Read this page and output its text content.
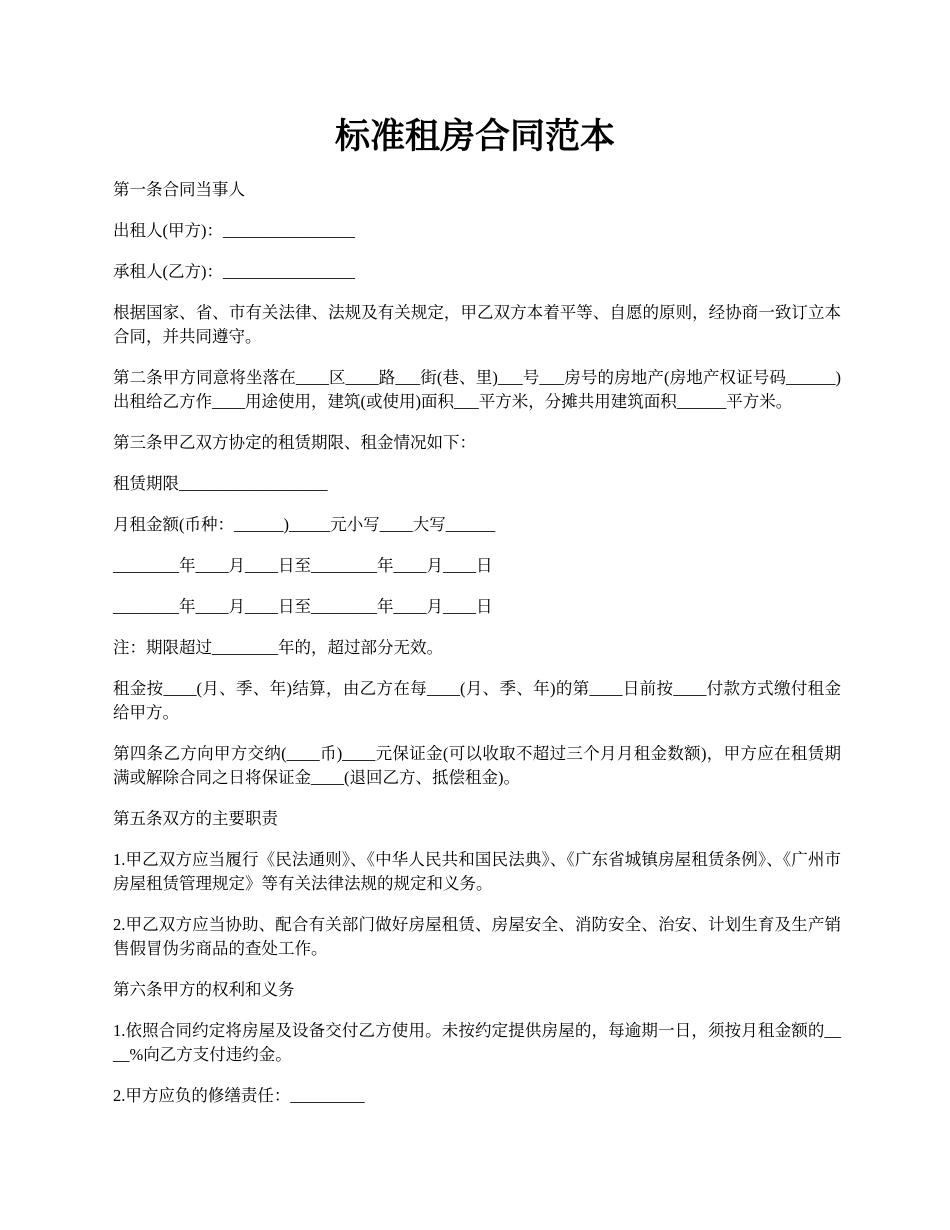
标准租房合同范本

第一条合同当事人

出租人(甲方)：________________

承租人(乙方)：________________

根据国家、省、市有关法律、法规及有关规定，甲乙双方本着平等、自愿的原则，经协商一致订立本合同，并共同遵守。

第二条甲方同意将坐落在____区____路___街(巷、里)___号___房号的房地产(房地产权证号码______) 出租给乙方作____用途使用，建筑(或使用)面积___平方米，分摊共用建筑面积______平方米。

第三条甲乙双方协定的租赁期限、租金情况如下：

租赁期限__________________

月租金额(币种：______)_____元小写____大写______

________年____月____日至________年____月____日

________年____月____日至________年____月____日

注：期限超过________年的，超过部分无效。

租金按____(月、季、年)结算，由乙方在每____(月、季、年)的第____日前按____付款方式缴付租金给甲方。

第四条乙方向甲方交纳(____币)____元保证金(可以收取不超过三个月月租金数额)，甲方应在租赁期满或解除合同之日将保证金____(退回乙方、抵偿租金)。

第五条双方的主要职责

1.甲乙双方应当履行《民法通则》、《中华人民共和国民法典》、《广东省城镇房屋租赁条例》、《广州市房屋租赁管理规定》等有关法律法规的规定和义务。

2.甲乙双方应当协助、配合有关部门做好房屋租赁、房屋安全、消防安全、治安、计划生育及生产销售假冒伪劣商品的查处工作。

第六条甲方的权利和义务

1.依照合同约定将房屋及设备交付乙方使用。未按约定提供房屋的，每逾期一日，须按月租金额的____%向乙方支付违约金。

2.甲方应负的修缮责任：_________
